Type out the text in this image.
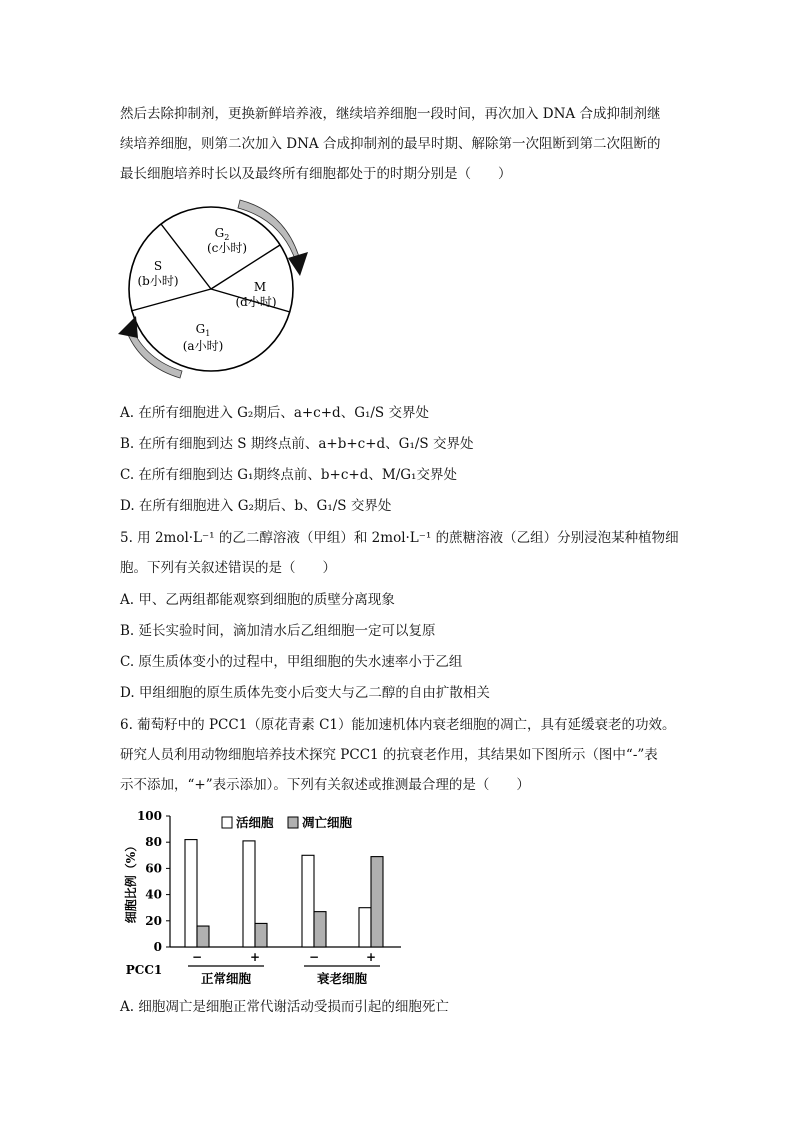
然后去除抑制剂，更换新鲜培养液，继续培养细胞一段时间，再次加入 DNA 合成抑制剂继
续培养细胞，则第二次加入 DNA 合成抑制剂的最早时期、解除第一次阻断到第二次阻断的
最长细胞培养时长以及最终所有细胞都处于的时期分别是（　　）
$G_2$
(c小时)
S
(b小时)	M
(d小时)
$G_1$
(a小时)
A. 在所有细胞进入 G₂期后、a+c+d、G₁/S 交界处
B. 在所有细胞到达 S 期终点前、a+b+c+d、G₁/S 交界处
C. 在所有细胞到达 G₁期终点前、b+c+d、M/G₁交界处
D. 在所有细胞进入 G₂期后、b、G₁/S 交界处
5. 用 2mol·L⁻¹ 的乙二醇溶液（甲组）和 2mol·L⁻¹ 的蔗糖溶液（乙组）分别浸泡某种植物细
胞。下列有关叙述错误的是（　　）
A. 甲、乙两组都能观察到细胞的质壁分离现象
B. 延长实验时间，滴加清水后乙组细胞一定可以复原
C. 原生质体变小的过程中，甲组细胞的失水速率小于乙组
D. 甲组细胞的原生质体先变小后变大与乙二醇的自由扩散相关
6. 葡萄籽中的 PCC1（原花青素 C1）能加速机体内衰老细胞的凋亡，具有延缓衰老的功效。
研究人员利用动物细胞培养技术探究 PCC1 的抗衰老作用，其结果如下图所示（图中“-”表
示不添加，“+”表示添加）。下列有关叙述或推测最合理的是（　　）
0
20
40
60
80
100
细胞比例（%）
−	+	−	+
活细胞 凋亡细胞
PCC1
正常细胞	衰老细胞
A. 细胞凋亡是细胞正常代谢活动受损而引起的细胞死亡
